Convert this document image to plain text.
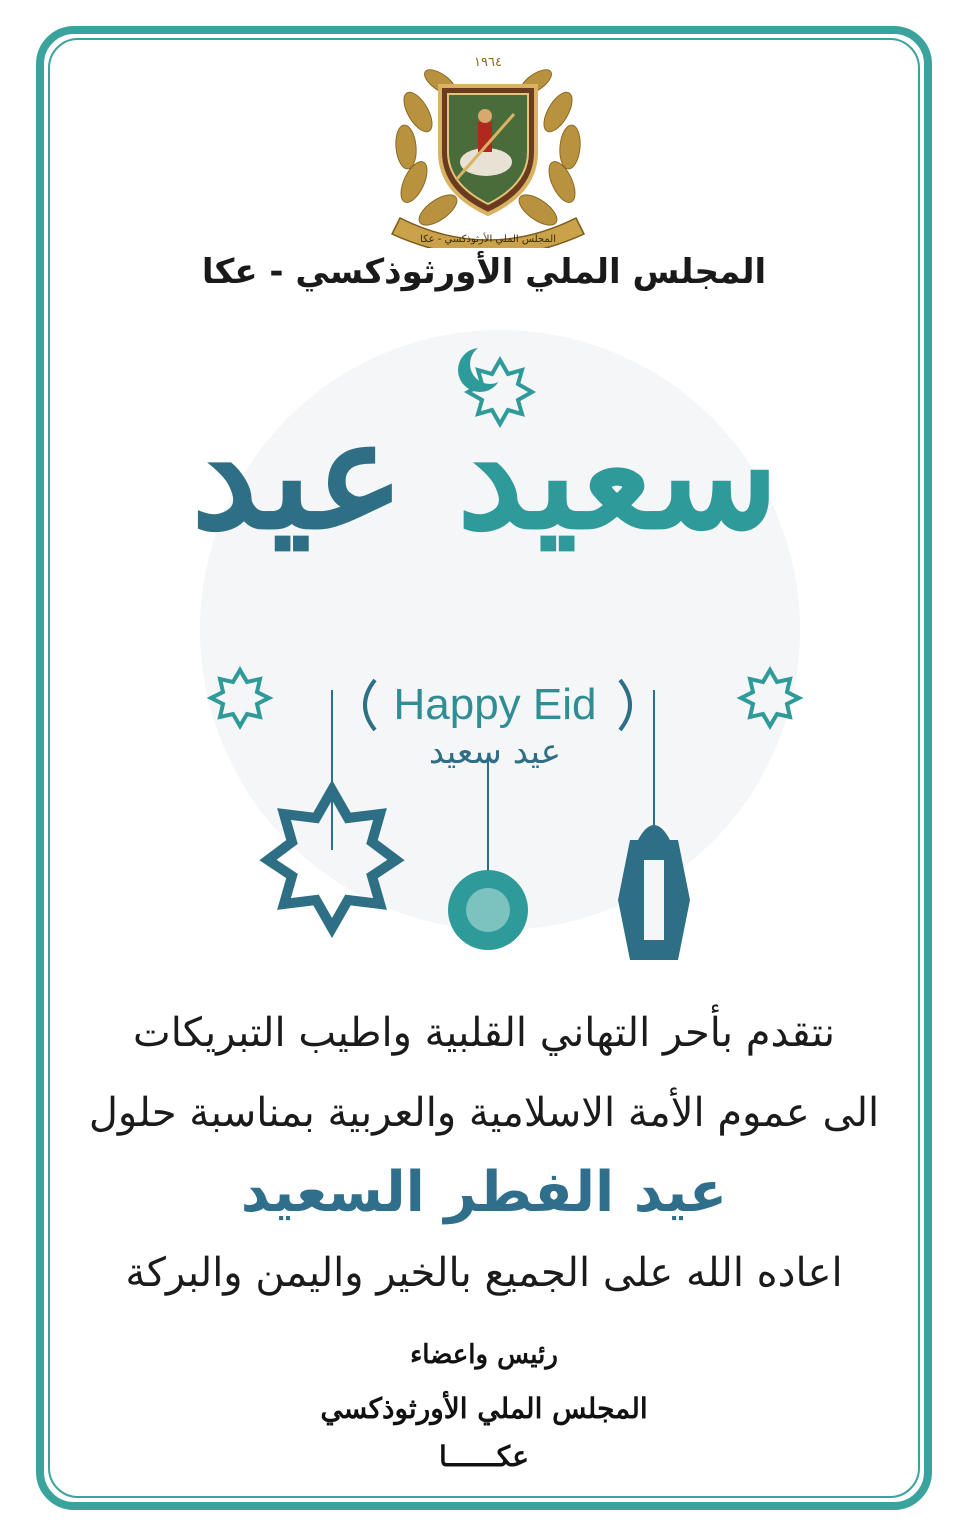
١٩٦٤
المجلس الملي الأرثوذكسي - عكا
المجلس الملي الأورثوذكسي - عكا
سعيد عيد
Happy Eid
عيد سعيد
نتقدم بأحر التهاني القلبية واطيب التبريكات
الى عموم الأمة الاسلامية والعربية بمناسبة حلول
عيد الفطر السعيد
اعاده الله على الجميع بالخير واليمن والبركة
رئيس واعضاء
المجلس الملي الأورثوذكسي
عكــــــا
